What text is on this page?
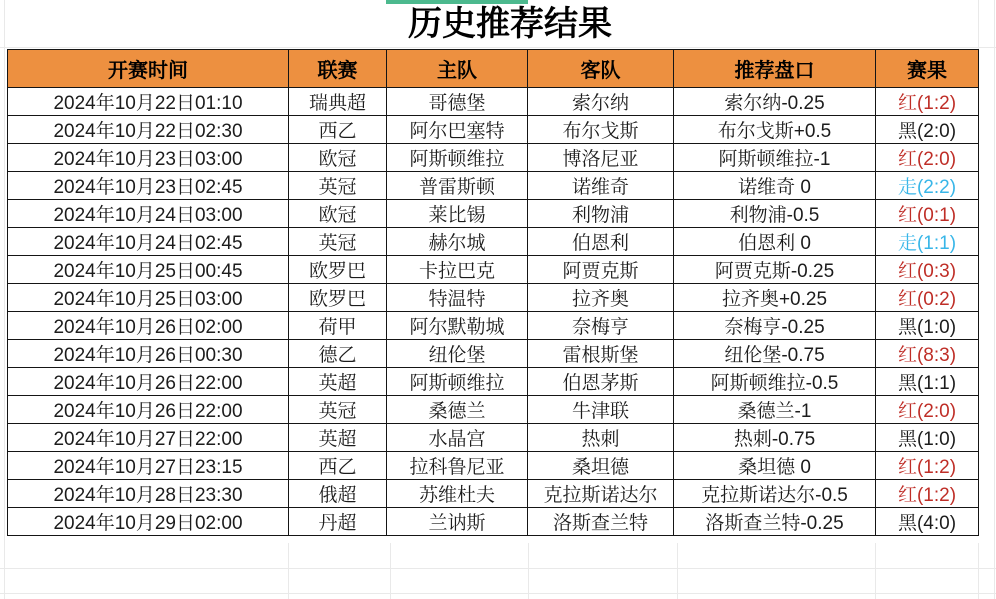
历史推荐结果
开赛时间	联赛	主队	客队	推荐盘口	赛果
2024年10月22日01:10	瑞典超	哥德堡	索尔纳	索尔纳-0.25	红(1:2)
2024年10月22日02:30	西乙	阿尔巴塞特	布尔戈斯	布尔戈斯+0.5	黑(2:0)
2024年10月23日03:00	欧冠	阿斯顿维拉	博洛尼亚	阿斯顿维拉-1	红(2:0)
2024年10月23日02:45	英冠	普雷斯顿	诺维奇	诺维奇 0	走(2:2)
2024年10月24日03:00	欧冠	莱比锡	利物浦	利物浦-0.5	红(0:1)
2024年10月24日02:45	英冠	赫尔城	伯恩利	伯恩利 0	走(1:1)
2024年10月25日00:45	欧罗巴	卡拉巴克	阿贾克斯	阿贾克斯-0.25	红(0:3)
2024年10月25日03:00	欧罗巴	特温特	拉齐奥	拉齐奥+0.25	红(0:2)
2024年10月26日02:00	荷甲	阿尔默勒城	奈梅亨	奈梅亨-0.25	黑(1:0)
2024年10月26日00:30	德乙	纽伦堡	雷根斯堡	纽伦堡-0.75	红(8:3)
2024年10月26日22:00	英超	阿斯顿维拉	伯恩茅斯	阿斯顿维拉-0.5	黑(1:1)
2024年10月26日22:00	英冠	桑德兰	牛津联	桑德兰-1	红(2:0)
2024年10月27日22:00	英超	水晶宫	热刺	热刺-0.75	黑(1:0)
2024年10月27日23:15	西乙	拉科鲁尼亚	桑坦德	桑坦德 0	红(1:2)
2024年10月28日23:30	俄超	苏维杜夫	克拉斯诺达尔	克拉斯诺达尔-0.5	红(1:2)
2024年10月29日02:00	丹超	兰讷斯	洛斯查兰特	洛斯查兰特-0.25	黑(4:0)
